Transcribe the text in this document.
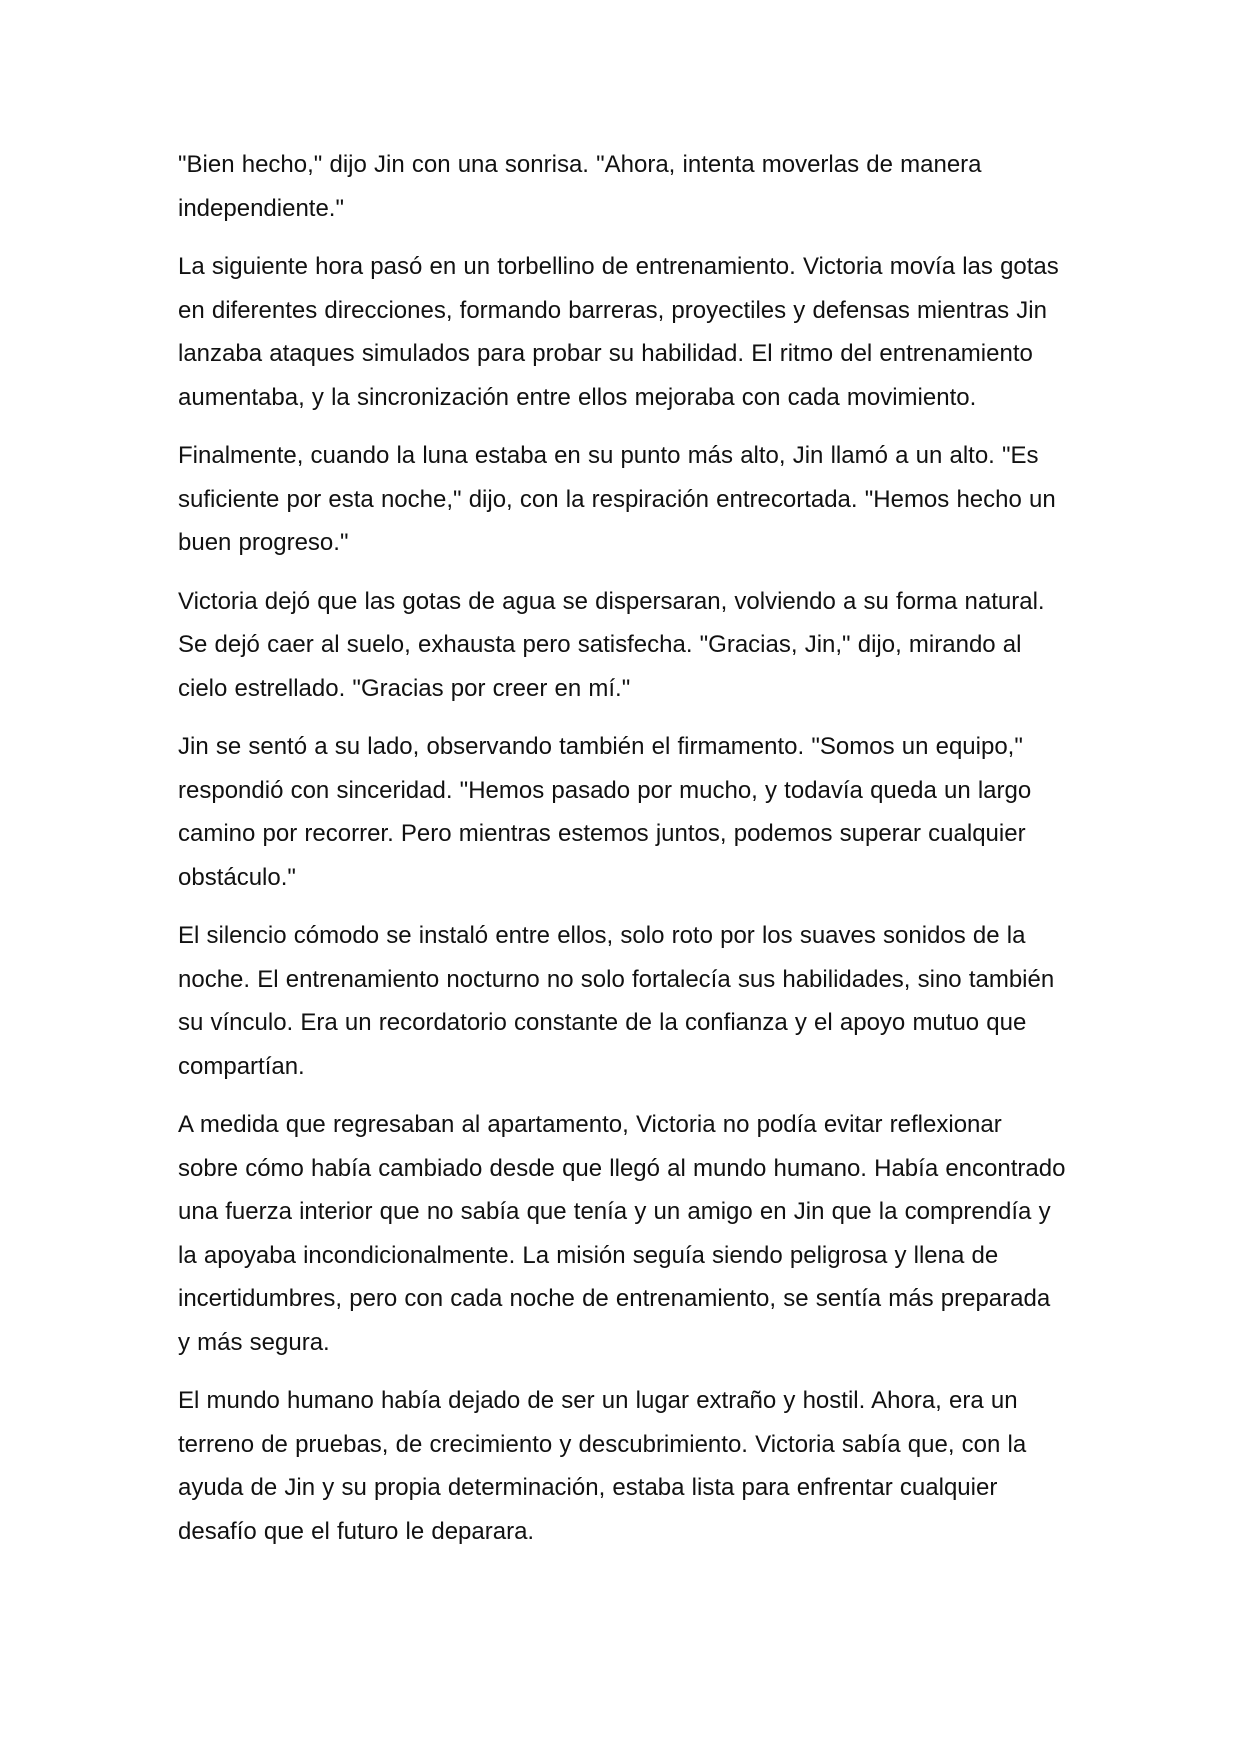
"Bien hecho," dijo Jin con una sonrisa. "Ahora, intenta moverlas de manera independiente."

La siguiente hora pasó en un torbellino de entrenamiento. Victoria movía las gotas en diferentes direcciones, formando barreras, proyectiles y defensas mientras Jin lanzaba ataques simulados para probar su habilidad. El ritmo del entrenamiento aumentaba, y la sincronización entre ellos mejoraba con cada movimiento.

Finalmente, cuando la luna estaba en su punto más alto, Jin llamó a un alto. "Es suficiente por esta noche," dijo, con la respiración entrecortada. "Hemos hecho un buen progreso."

Victoria dejó que las gotas de agua se dispersaran, volviendo a su forma natural. Se dejó caer al suelo, exhausta pero satisfecha. "Gracias, Jin," dijo, mirando al cielo estrellado. "Gracias por creer en mí."

Jin se sentó a su lado, observando también el firmamento. "Somos un equipo," respondió con sinceridad. "Hemos pasado por mucho, y todavía queda un largo camino por recorrer. Pero mientras estemos juntos, podemos superar cualquier obstáculo."

El silencio cómodo se instaló entre ellos, solo roto por los suaves sonidos de la noche. El entrenamiento nocturno no solo fortalecía sus habilidades, sino también su vínculo. Era un recordatorio constante de la confianza y el apoyo mutuo que compartían.

A medida que regresaban al apartamento, Victoria no podía evitar reflexionar sobre cómo había cambiado desde que llegó al mundo humano. Había encontrado una fuerza interior que no sabía que tenía y un amigo en Jin que la comprendía y la apoyaba incondicionalmente. La misión seguía siendo peligrosa y llena de incertidumbres, pero con cada noche de entrenamiento, se sentía más preparada y más segura.

El mundo humano había dejado de ser un lugar extraño y hostil. Ahora, era un terreno de pruebas, de crecimiento y descubrimiento. Victoria sabía que, con la ayuda de Jin y su propia determinación, estaba lista para enfrentar cualquier desafío que el futuro le deparara.
